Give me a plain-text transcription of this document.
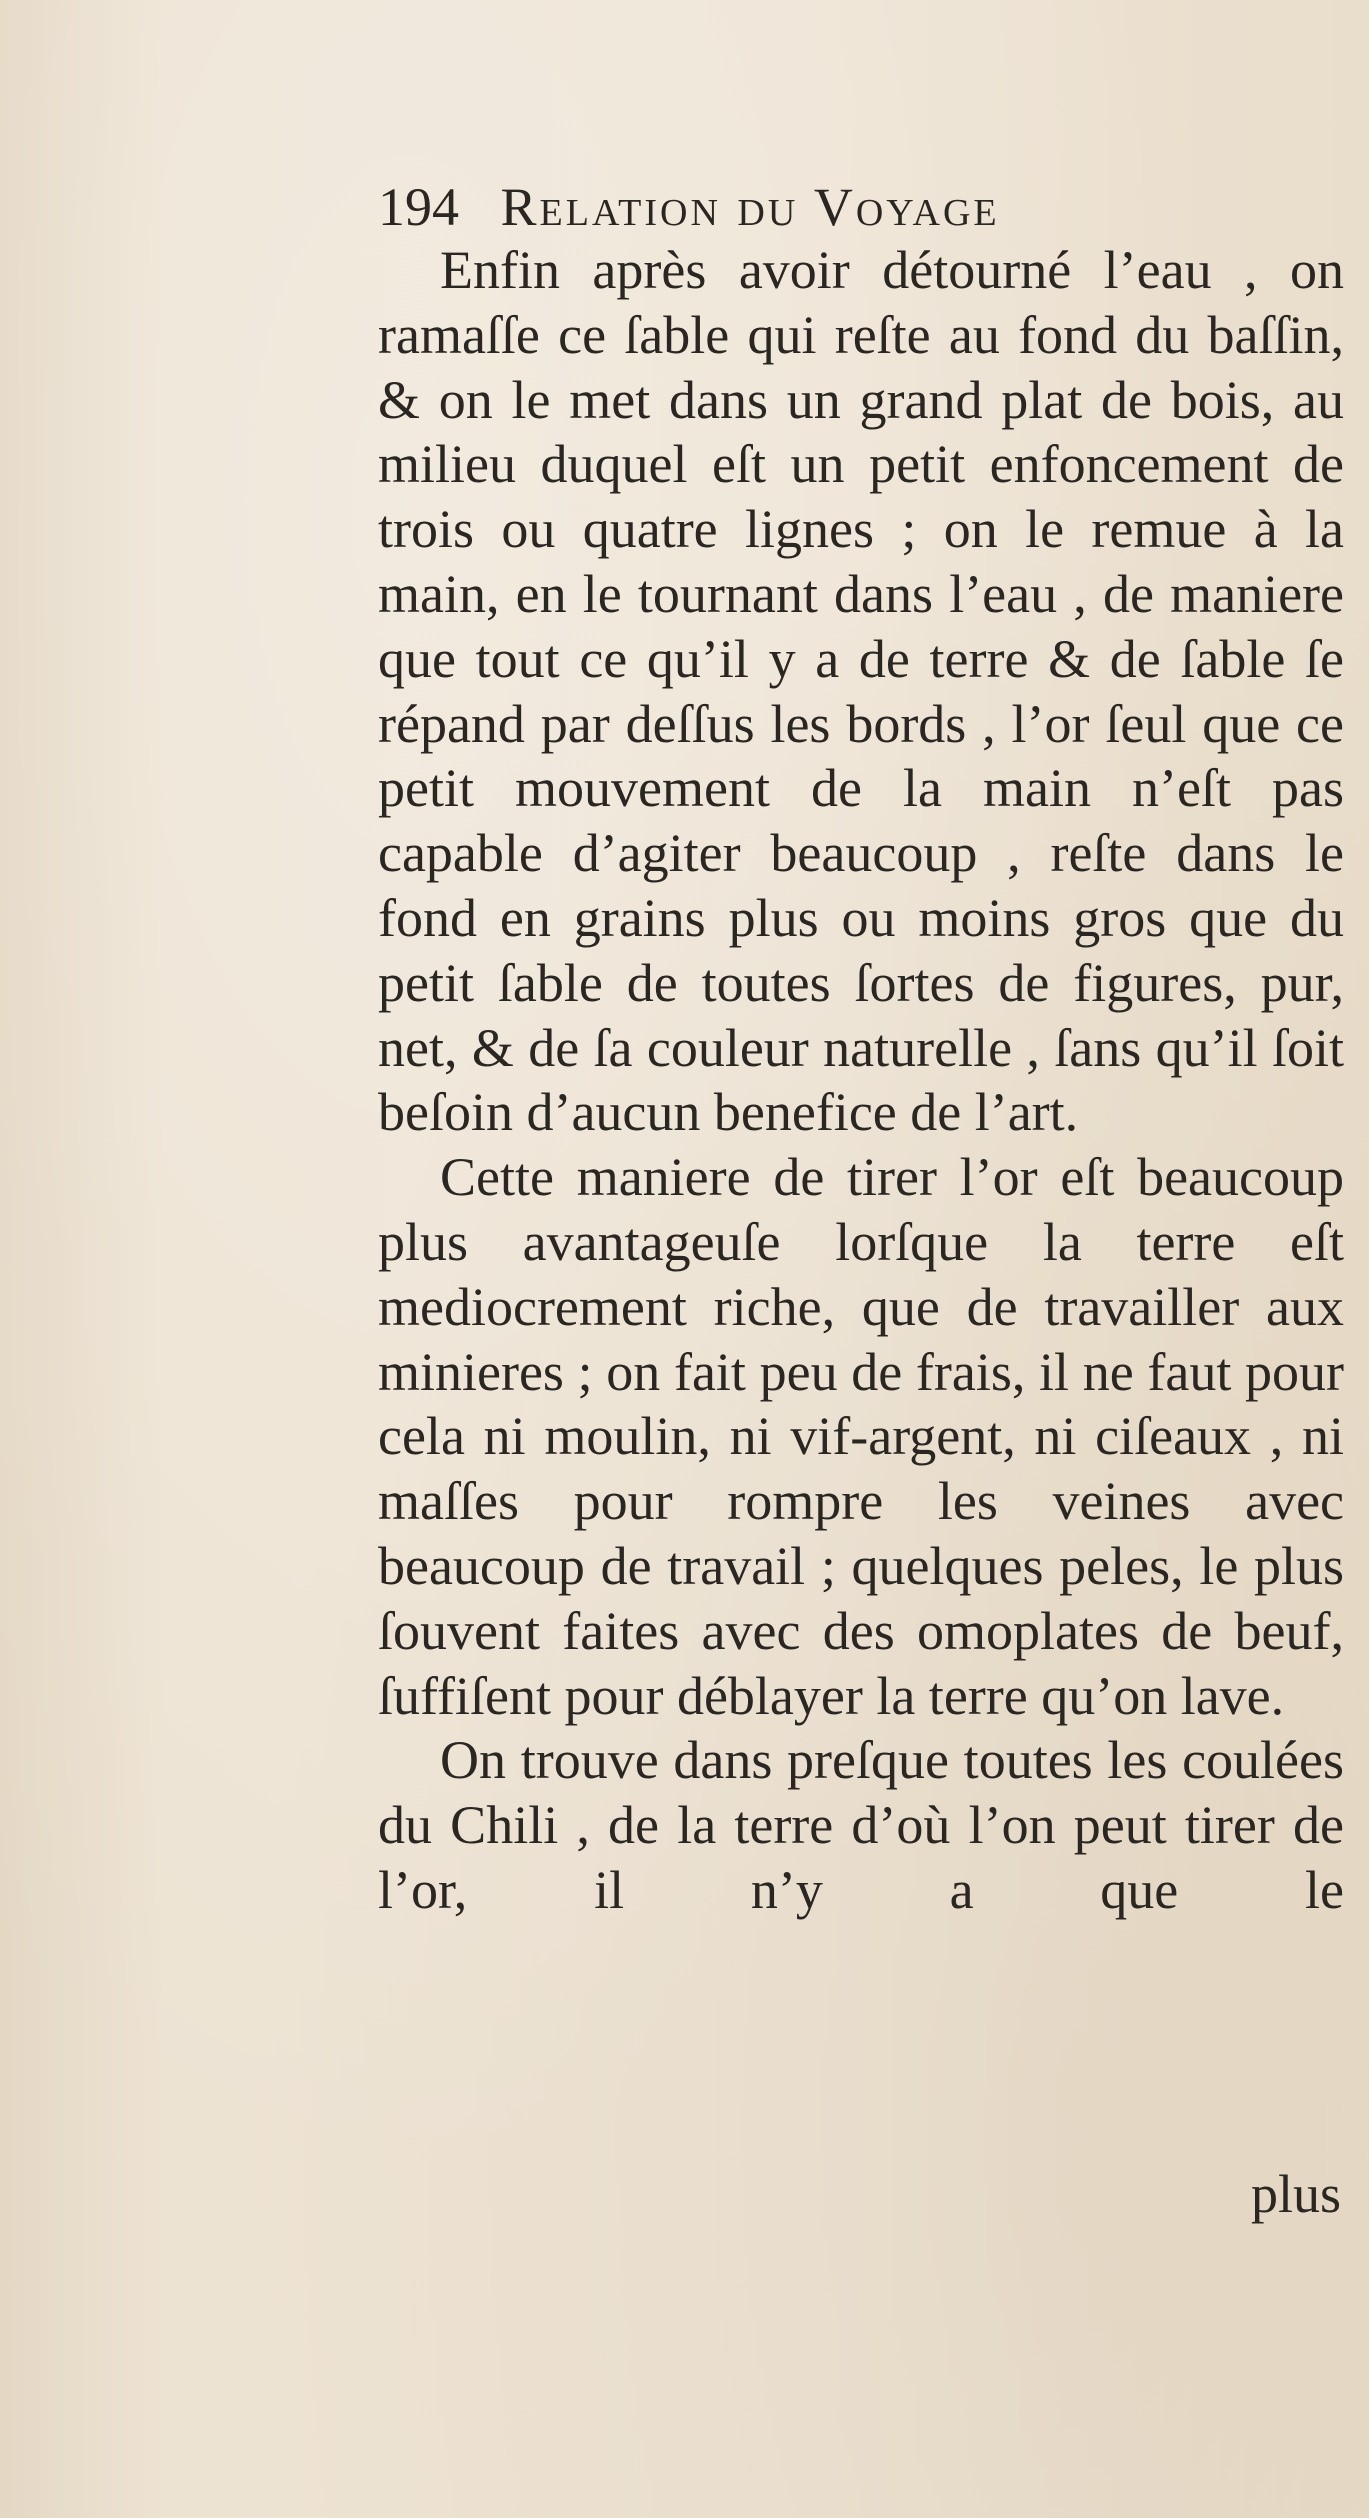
194 Relation du Voyage

Enfin après avoir détourné l’eau , on ramaſſe ce ſable qui reſte au fond du baſſin, & on le met dans un grand plat de bois, au milieu duquel eſt un petit enfoncement de trois ou quatre lignes ; on le remue à la main, en le tournant dans l’eau , de maniere que tout ce qu’il y a de terre & de ſable ſe répand par deſſus les bords , l’or ſeul que ce petit mouvement de la main n’eſt pas capable d’agiter beaucoup , reſte dans le fond en grains plus ou moins gros que du petit ſable de toutes ſortes de figures, pur, net, & de ſa couleur naturelle , ſans qu’il ſoit beſoin d’aucun benefice de l’art.

Cette maniere de tirer l’or eſt beaucoup plus avantageuſe lorſque la terre eſt mediocrement riche, que de travailler aux minieres ; on fait peu de frais, il ne faut pour cela ni moulin, ni vif-argent, ni ciſeaux , ni maſſes pour rompre les veines avec beaucoup de travail ; quelques peles, le plus ſouvent faites avec des omoplates de beuf, ſuffiſent pour déblayer la terre qu’on lave.

On trouve dans preſque toutes les coulées du Chili , de la terre d’où l’on peut tirer de l’or, il n’y a que le

plus
